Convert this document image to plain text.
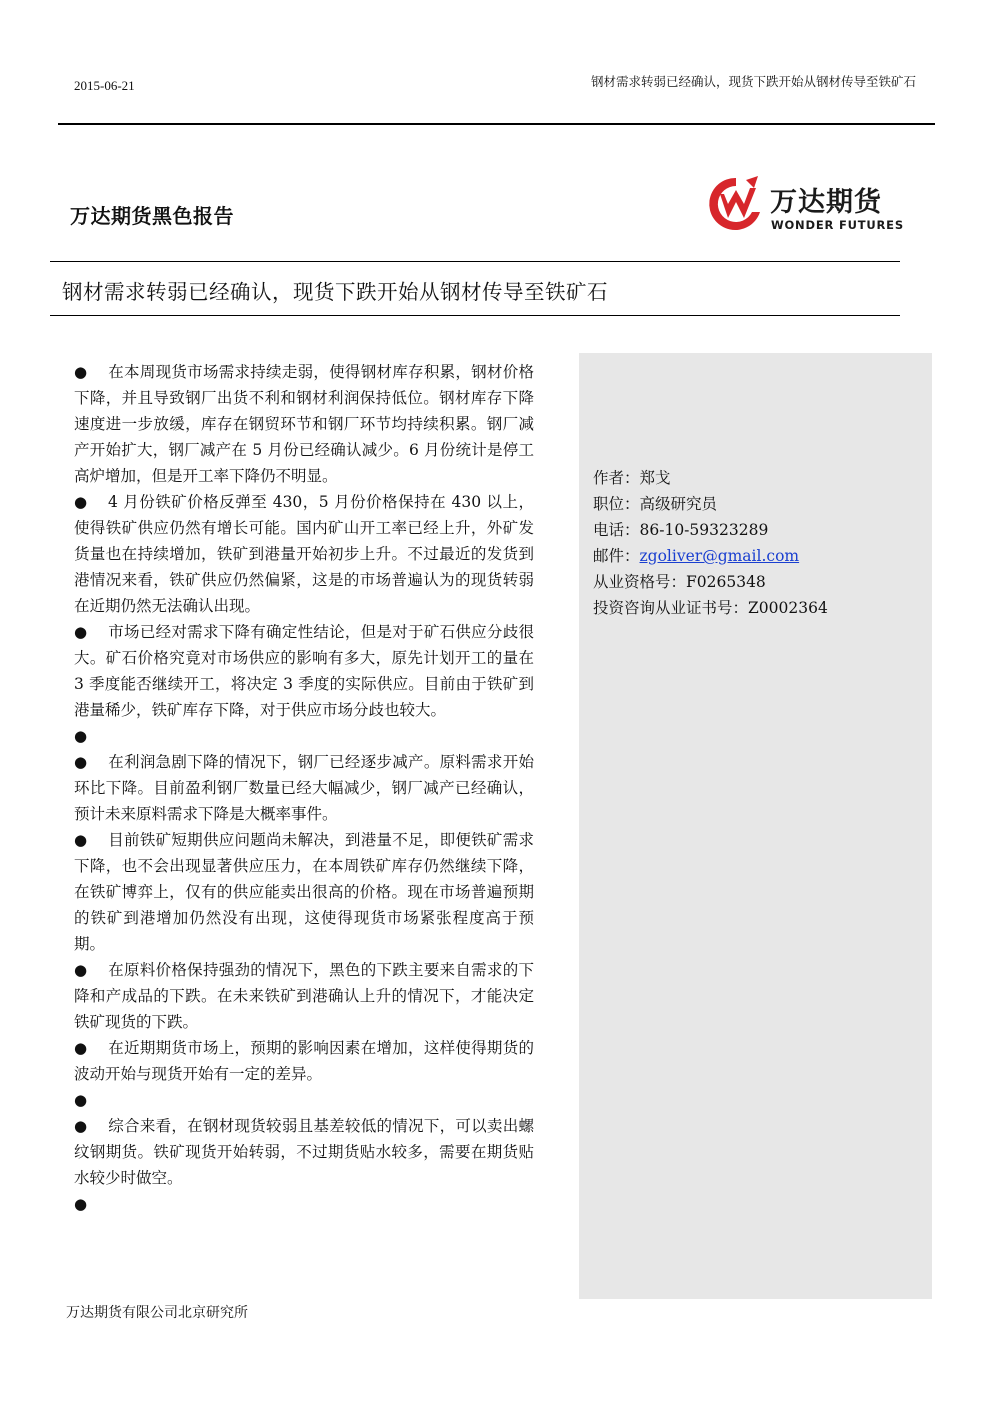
2015-06-21	钢材需求转弱已经确认，现货下跌开始从钢材传导至铁矿石
万达期货黑色报告	万达期货
WONDER FUTURES
钢材需求转弱已经确认，现货下跌开始从钢材传导至铁矿石

● 在本周现货市场需求持续走弱，使得钢材库存积累，钢材价格下降，并且导致钢厂出货不利和钢材利润保持低位。钢材库存下降速度进一步放缓，库存在钢贸环节和钢厂环节均持续积累。钢厂减产开始扩大，钢厂减产在 5 月份已经确认减少。6 月份统计是停工高炉增加，但是开工率下降仍不明显。

● 4 月份铁矿价格反弹至 430，5 月份价格保持在 430 以上，使得铁矿供应仍然有增长可能。国内矿山开工率已经上升，外矿发货量也在持续增加，铁矿到港量开始初步上升。不过最近的发货到港情况来看，铁矿供应仍然偏紧，这是的市场普遍认为的现货转弱在近期仍然无法确认出现。

● 市场已经对需求下降有确定性结论，但是对于矿石供应分歧很大。矿石价格究竟对市场供应的影响有多大，原先计划开工的量在 3 季度能否继续开工，将决定 3 季度的实际供应。目前由于铁矿到港量稀少，铁矿库存下降，对于供应市场分歧也较大。

●

● 在利润急剧下降的情况下，钢厂已经逐步减产。原料需求开始环比下降。目前盈利钢厂数量已经大幅减少，钢厂减产已经确认，预计未来原料需求下降是大概率事件。

● 目前铁矿短期供应问题尚未解决，到港量不足，即便铁矿需求下降，也不会出现显著供应压力，在本周铁矿库存仍然继续下降，在铁矿博弈上，仅有的供应能卖出很高的价格。现在市场普遍预期的铁矿到港增加仍然没有出现，这使得现货市场紧张程度高于预期。

● 在原料价格保持强劲的情况下，黑色的下跌主要来自需求的下降和产成品的下跌。在未来铁矿到港确认上升的情况下，才能决定铁矿现货的下跌。

● 在近期期货市场上，预期的影响因素在增加，这样使得期货的波动开始与现货开始有一定的差异。

●

● 综合来看，在钢材现货较弱且基差较低的情况下，可以卖出螺纹钢期货。铁矿现货开始转弱，不过期货贴水较多，需要在期货贴水较少时做空。

●

作者：郑戈
职位：高级研究员
电话：86-10-59323289
邮件：zgoliver@gmail.com
从业资格号：F0265348
投资咨询从业证书号：Z0002364
万达期货有限公司北京研究所
